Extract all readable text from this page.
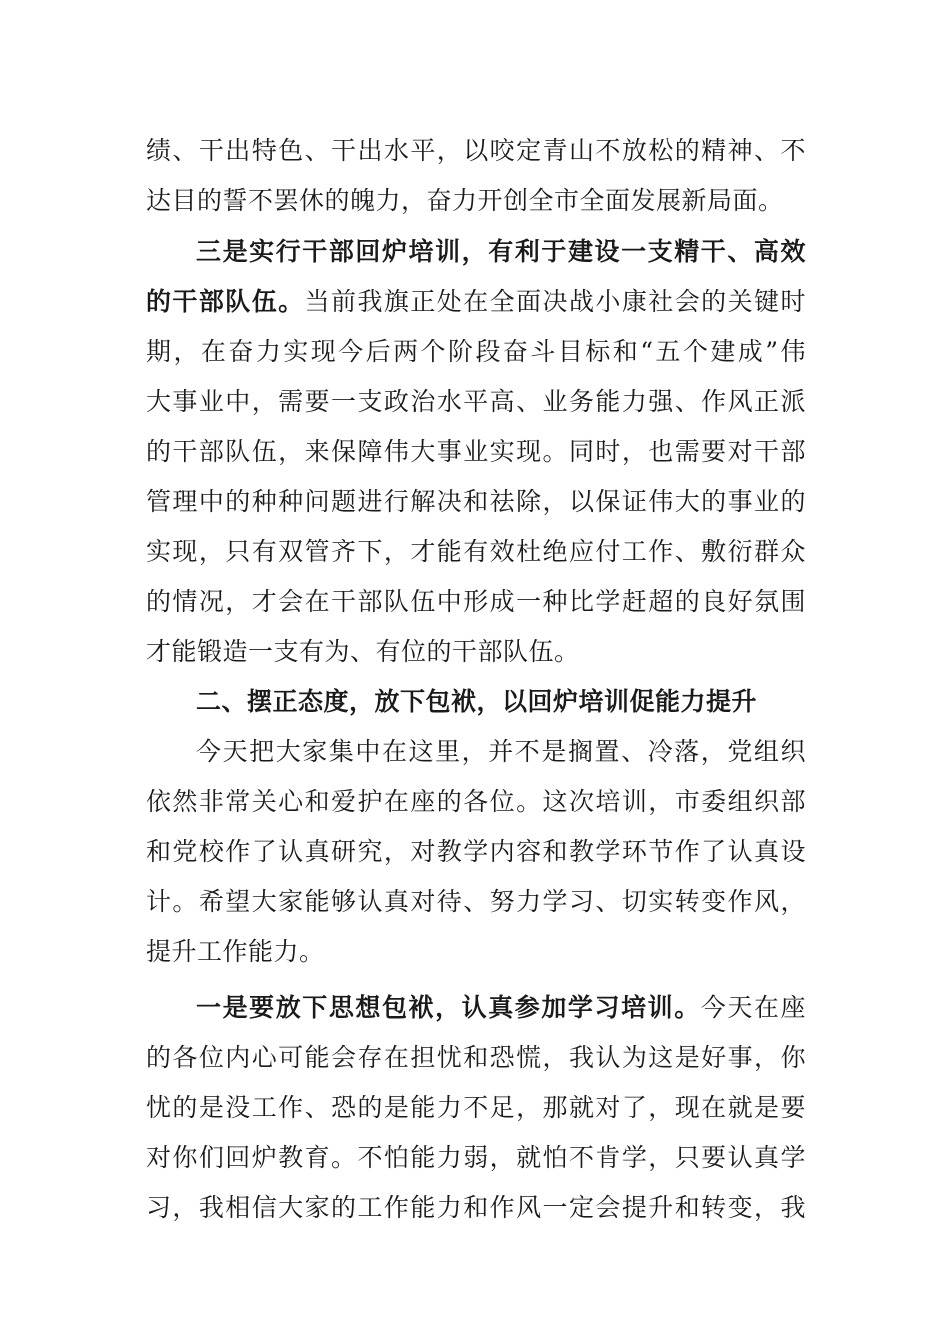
绩、干出特色、干出水平，以咬定青山不放松的精神、不
达目的誓不罢休的魄力，奋力开创全市全面发展新局面。
三是实行干部回炉培训，有利于建设一支精干、高效
的干部队伍。当前我旗正处在全面决战小康社会的关键时
期，在奋力实现今后两个阶段奋斗目标和“五个建成”伟
大事业中，需要一支政治水平高、业务能力强、作风正派
的干部队伍，来保障伟大事业实现。同时，也需要对干部
管理中的种种问题进行解决和祛除，以保证伟大的事业的
实现，只有双管齐下，才能有效杜绝应付工作、敷衍群众
的情况，才会在干部队伍中形成一种比学赶超的良好氛围
才能锻造一支有为、有位的干部队伍。
二、摆正态度，放下包袱，以回炉培训促能力提升
今天把大家集中在这里，并不是搁置、冷落，党组织
依然非常关心和爱护在座的各位。这次培训，市委组织部
和党校作了认真研究，对教学内容和教学环节作了认真设
计。希望大家能够认真对待、努力学习、切实转变作风，
提升工作能力。
一是要放下思想包袱，认真参加学习培训。今天在座
的各位内心可能会存在担忧和恐慌，我认为这是好事，你
忧的是没工作、恐的是能力不足，那就对了，现在就是要
对你们回炉教育。不怕能力弱，就怕不肯学，只要认真学
习，我相信大家的工作能力和作风一定会提升和转变，我
